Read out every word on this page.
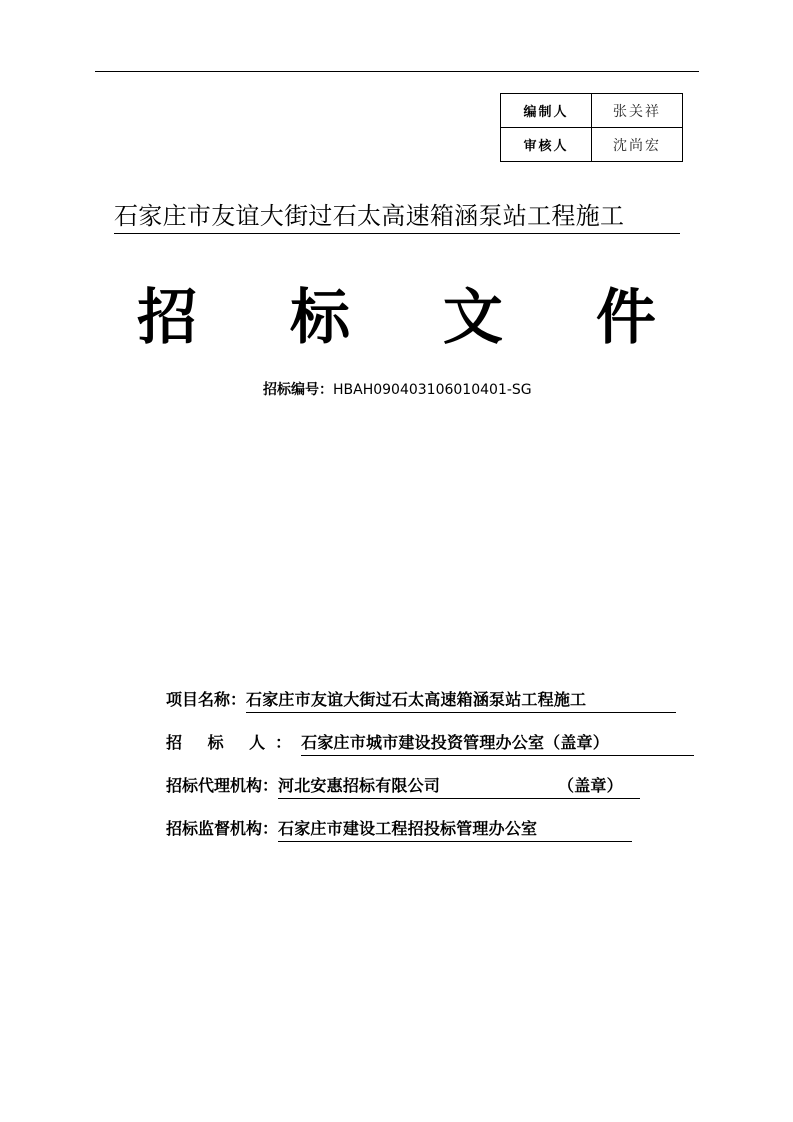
编制人	张关祥
审核人	沈尚宏
石家庄市友谊大街过石太高速箱涵泵站工程施工
招 标 文 件
招标编号：HBAH090403106010401-SG
项目名称：石家庄市友谊大街过石太高速箱涵泵站工程施工
招 标 人：石家庄市城市建设投资管理办公室（盖章）
招标代理机构：河北安惠招标有限公司	（盖章）
招标监督机构：石家庄市建设工程招投标管理办公室
